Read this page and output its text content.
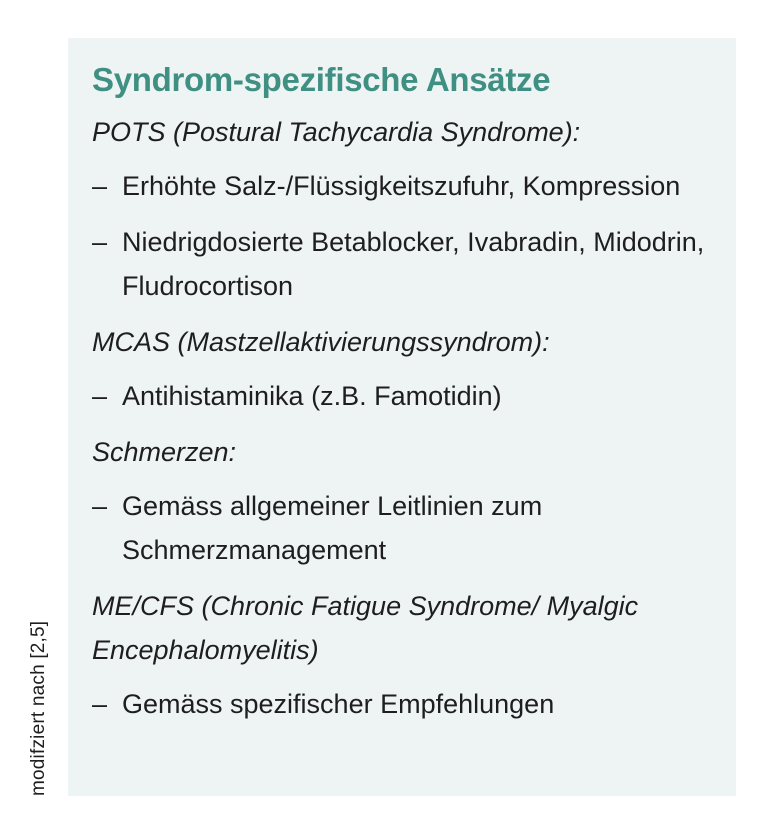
modifziert nach [2,5]
Syndrom-spezifische Ansätze
POTS (Postural Tachycardia Syndrome):
– Erhöhte Salz-/Flüssigkeitszufuhr, Kompression
– Niedrigdosierte Betablocker, Ivabradin, Midodrin, Fludrocortison
MCAS (Mastzellaktivierungssyndrom):
– Antihistaminika (z.B. Famotidin)
Schmerzen:
– Gemäss allgemeiner Leitlinien zum Schmerzmanagement
ME/CFS (Chronic Fatigue Syndrome/ Myalgic Encephalomyelitis)
– Gemäss spezifischer Empfehlungen
